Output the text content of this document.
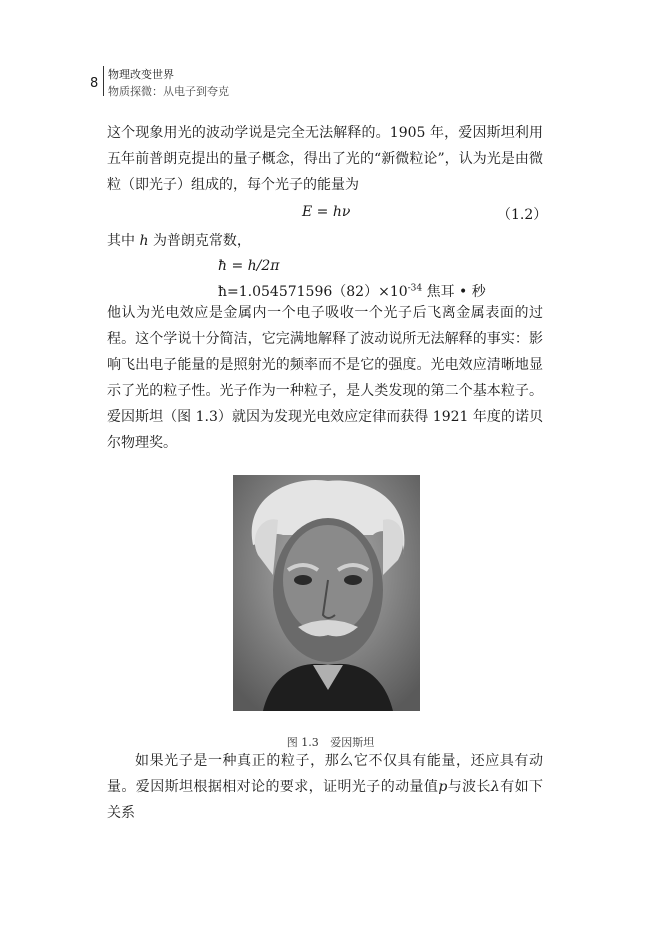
8
物理改变世界
物质探微：从电子到夸克

这个现象用光的波动学说是完全无法解释的。1905 年，爱因斯坦利用五年前普朗克提出的量子概念，得出了光的“新微粒论”，认为光是由微粒（即光子）组成的，每个光子的能量为

E = hν	（1.2）
其中 h 为普朗克常数，
ħ = h/2π
$ħ=1.054571596(82)\times 10^{-34}$ 焦耳 • 秒

他认为光电效应是金属内一个电子吸收一个光子后飞离金属表面的过程。这个学说十分简洁，它完满地解释了波动说所无法解释的事实：影响飞出电子能量的是照射光的频率而不是它的强度。光电效应清晰地显示了光的粒子性。光子作为一种粒子，是人类发现的第二个基本粒子。爱因斯坦（图 1.3）就因为发现光电效应定律而获得 1921 年度的诺贝尔物理奖。

图 1.3 爱因斯坦

如果光子是一种真正的粒子，那么它不仅具有能量，还应具有动量。爱因斯坦根据相对论的要求，证明光子的动量值p与波长λ有如下关系
